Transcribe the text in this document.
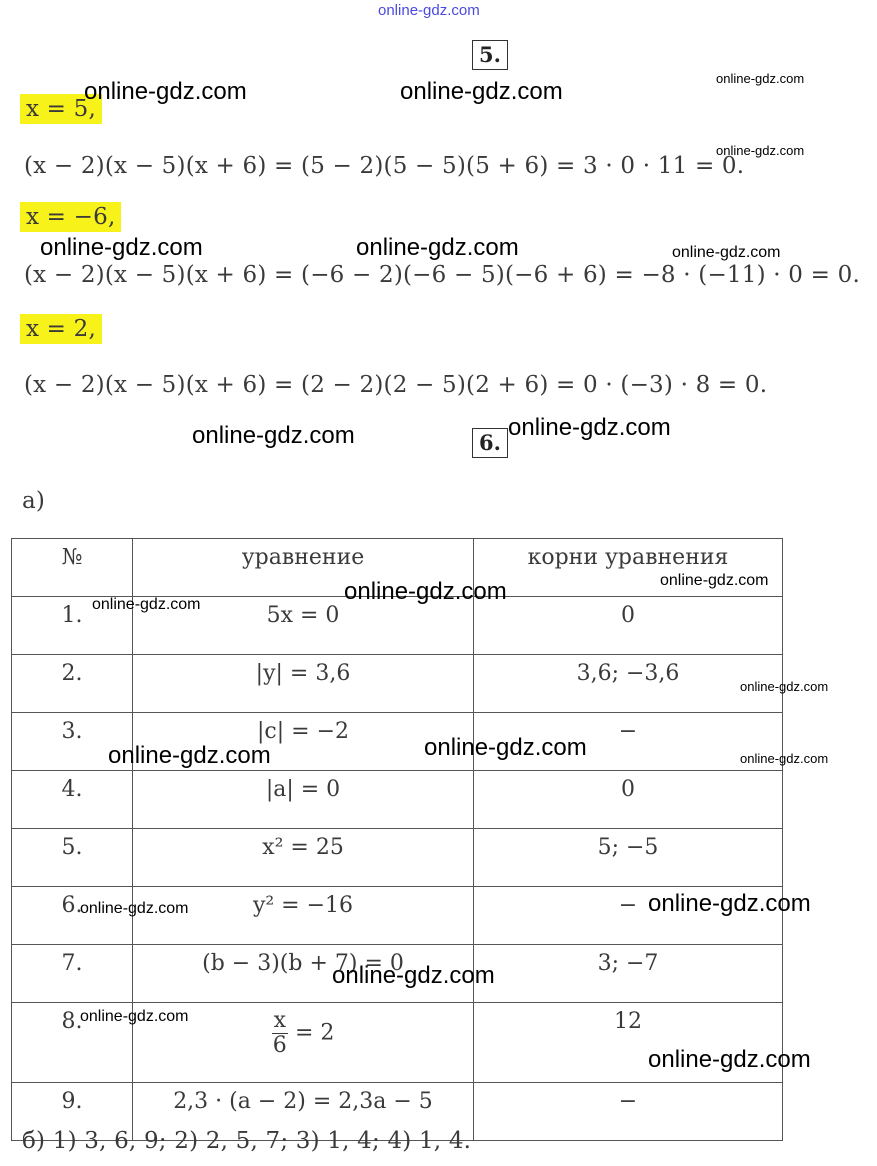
online-gdz.com
5.
x = 5,
(x − 2)(x − 5)(x + 6) = (5 − 2)(5 − 5)(5 + 6) = 3 · 0 · 11 = 0.
x = −6,
(x − 2)(x − 5)(x + 6) = (−6 − 2)(−6 − 5)(−6 + 6) = −8 · (−11) · 0 = 0.
x = 2,
(x − 2)(x − 5)(x + 6) = (2 − 2)(2 − 5)(2 + 6) = 0 · (−3) · 8 = 0.
6.
а)
№	уравнение	корни уравнения
1.	5x = 0	0
2.	|y| = 3,6	3,6; −3,6
3.	|c| = −2	−
4.	|a| = 0	0
5.	x² = 25	5; −5
6.	y² = −16	−
7.	(b − 3)(b + 7) = 0	3; −7
8.	$\frac{x}{6} = 2$	12
9.	2,3 · (a − 2) = 2,3a − 5	−
б) 1) 3, 6, 9; 2) 2, 5, 7; 3) 1, 4; 4) 1, 4.
online-gdz.com	online-gdz.com	online-gdz.com
online-gdz.com
online-gdz.com	online-gdz.com	online-gdz.com
online-gdz.com	online-gdz.com
online-gdz.com
online-gdz.com
online-gdz.com
online-gdz.com
online-gdz.com	online-gdz.com	online-gdz.com
online-gdz.com
online-gdz.com
online-gdz.com
online-gdz.com
online-gdz.com
